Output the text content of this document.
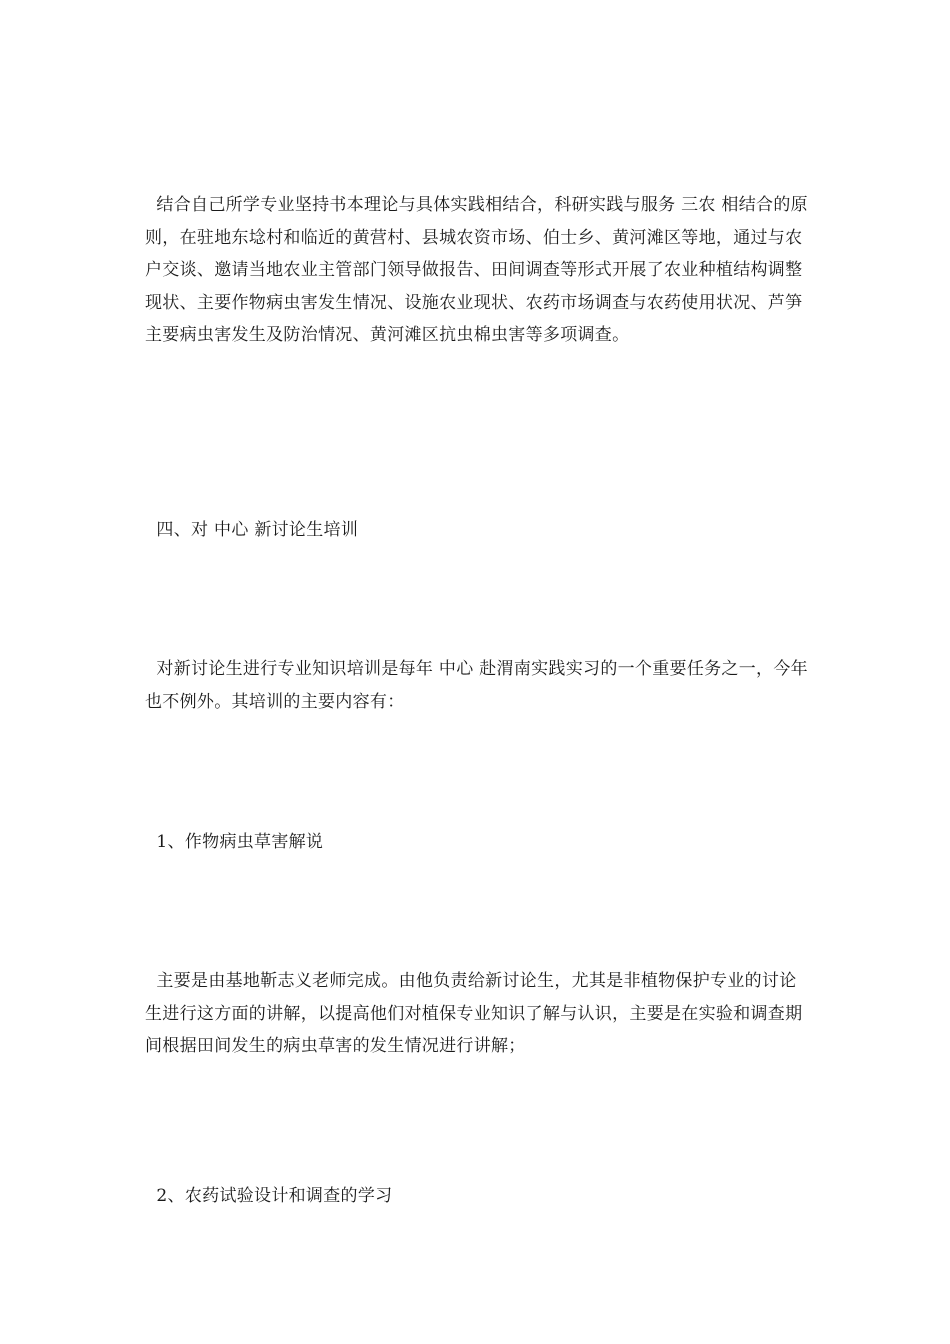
结合自己所学专业坚持书本理论与具体实践相结合，科研实践与服务 三农 相结合的原则，在驻地东埝村和临近的黄营村、县城农资市场、伯士乡、黄河滩区等地，通过与农户交谈、邀请当地农业主管部门领导做报告、田间调查等形式开展了农业种植结构调整现状、主要作物病虫害发生情况、设施农业现状、农药市场调查与农药使用状况、芦笋主要病虫害发生及防治情况、黄河滩区抗虫棉虫害等多项调查。

四、对 中心 新讨论生培训

对新讨论生进行专业知识培训是每年 中心 赴渭南实践实习的一个重要任务之一，今年也不例外。其培训的主要内容有：

1、作物病虫草害解说

主要是由基地靳志义老师完成。由他负责给新讨论生，尤其是非植物保护专业的讨论生进行这方面的讲解，以提高他们对植保专业知识了解与认识，主要是在实验和调查期间根据田间发生的病虫草害的发生情况进行讲解；

2、农药试验设计和调查的学习
